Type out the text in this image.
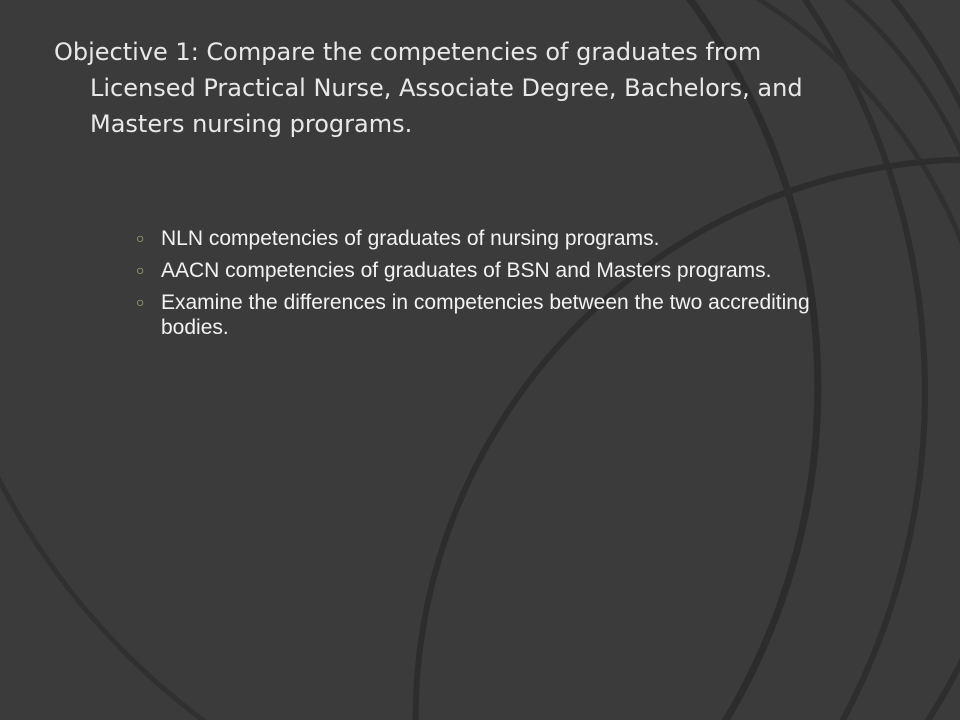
Objective 1: Compare the competencies of graduates from Licensed Practical Nurse, Associate Degree, Bachelors, and Masters nursing programs.
○ NLN competencies of graduates of nursing programs.
○ AACN competencies of graduates of BSN and Masters programs.
○ Examine the differences in competencies between the two accrediting bodies.
